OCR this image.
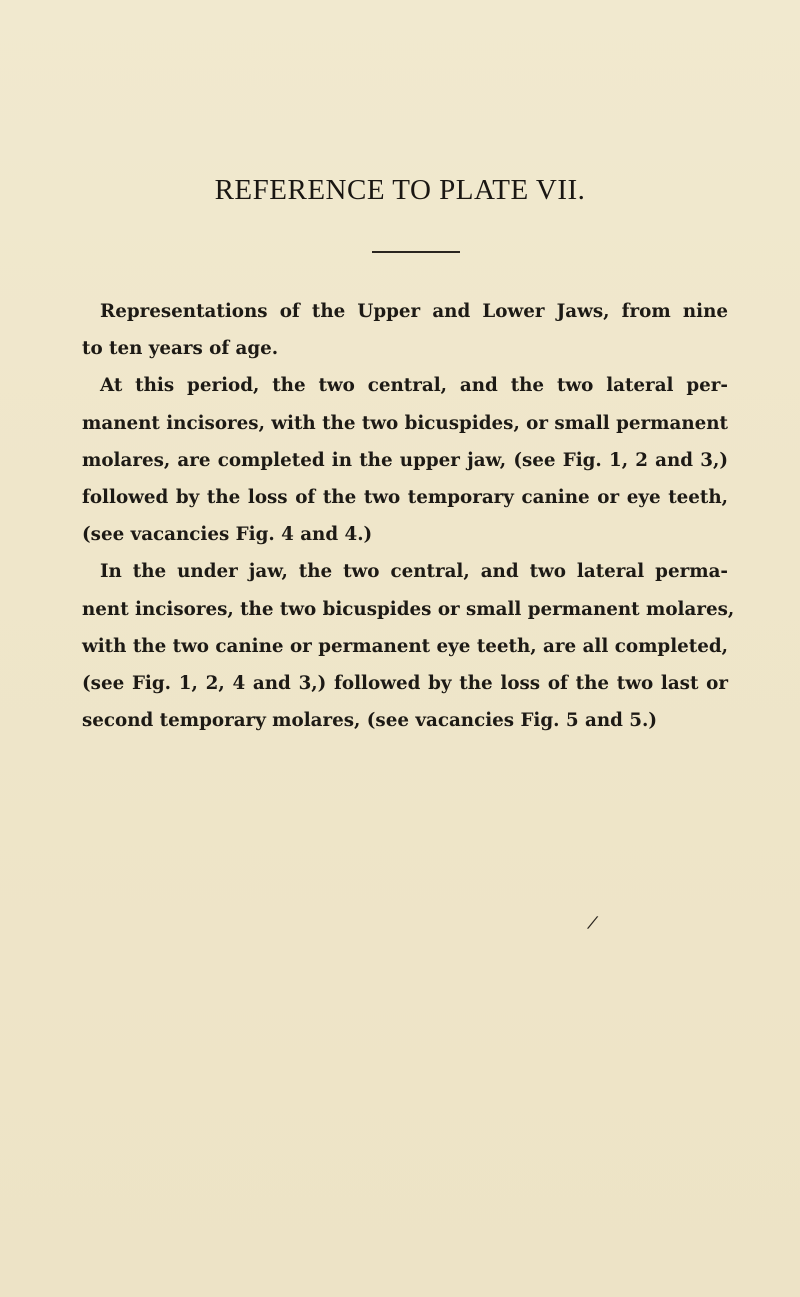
REFERENCE TO PLATE VII.
Representations of the Upper and Lower Jaws, from nine
to ten years of age.
At this period, the two central, and the two lateral per-
manent incisores, with the two bicuspides, or small permanent
molares, are completed in the upper jaw, (see Fig. 1, 2 and 3,)
followed by the loss of the two temporary canine or eye teeth,
(see vacancies Fig. 4 and 4.)
In the under jaw, the two central, and two lateral perma-
nent incisores, the two bicuspides or small permanent molares,
with the two canine or permanent eye teeth, are all completed,
(see Fig. 1, 2, 4 and 3,) followed by the loss of the two last or
second temporary molares, (see vacancies Fig. 5 and 5.)
⁄
